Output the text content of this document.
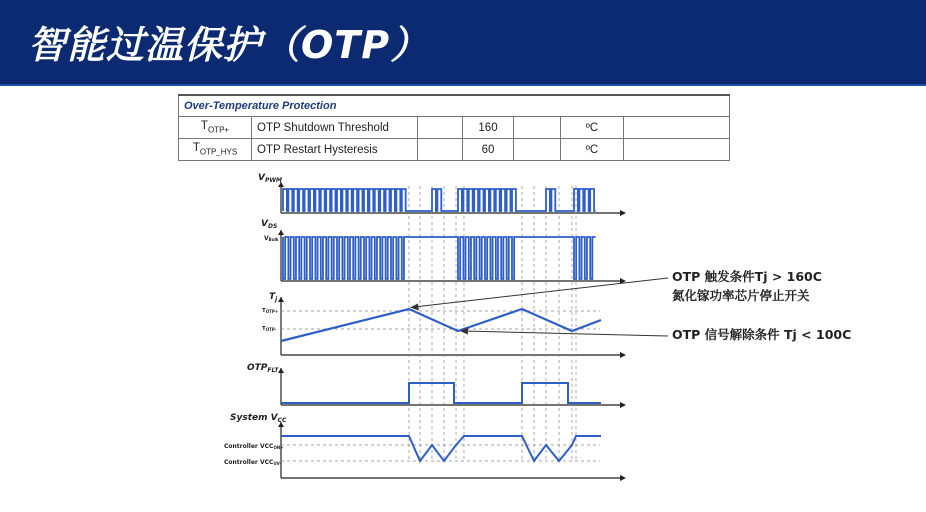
智能过温保护（OTP）
Over-Temperature Protection						
$T_{OTP+}$	OTP Shutdown Threshold		160		ºC	
$T_{OTP\_HYS}$	OTP Restart Hysteresis		60		ºC	
$V_{PWM}$
$V_{DS}$
VBulk
$T_j$
TOTP+
TOTP-
$OTP_{FLT}$
System $V_{CC}$
Controller VCCON+
Controller VCCUV-
OTP 触发条件Tj > 160C
氮化镓功率芯片停止开关
OTP 信号解除条件 Tj < 100C
